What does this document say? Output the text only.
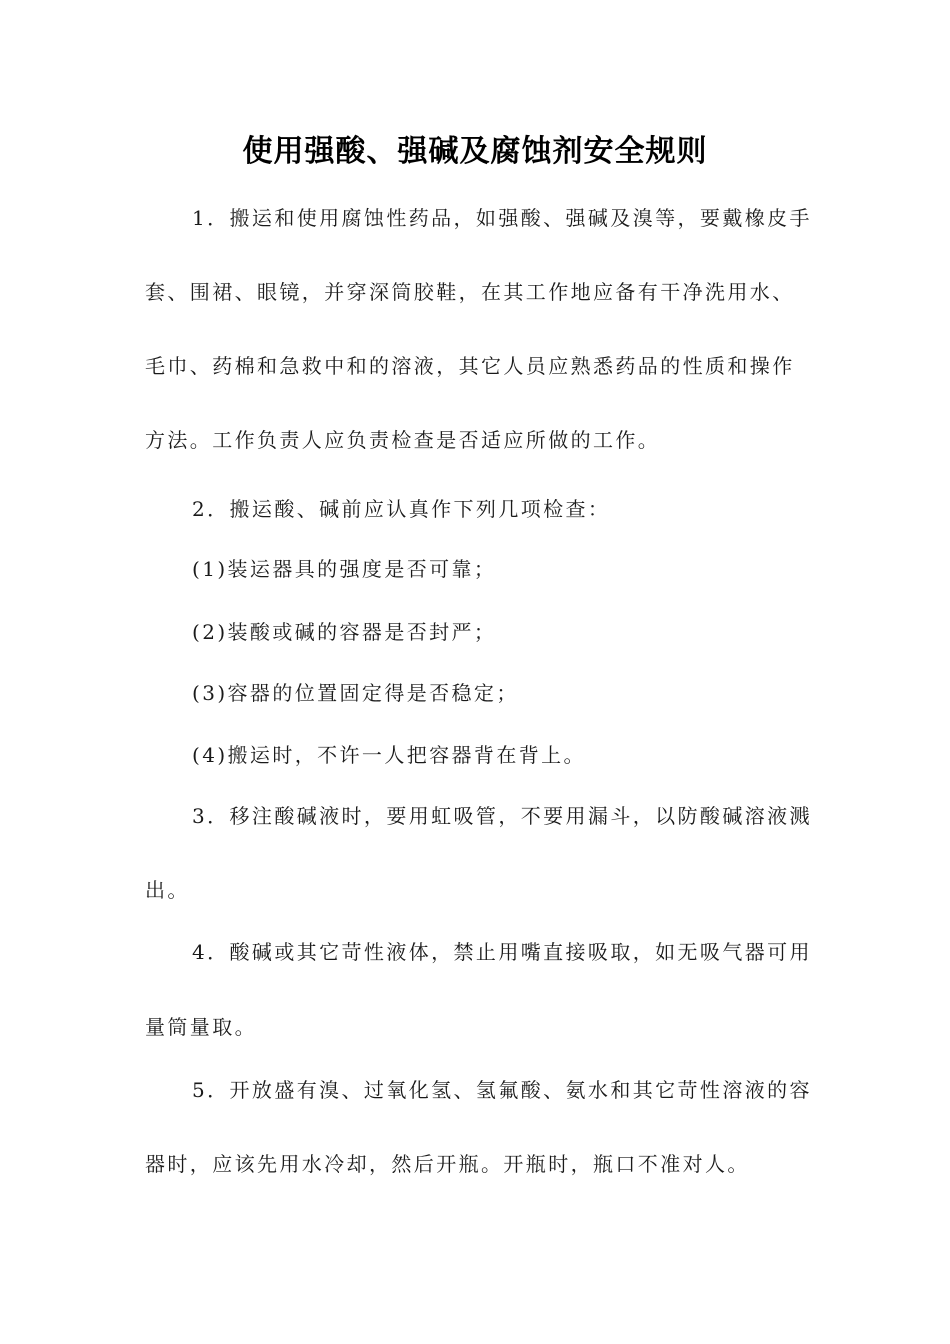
使用强酸、强碱及腐蚀剂安全规则
1．搬运和使用腐蚀性药品，如强酸、强碱及溴等，要戴橡皮手
套、围裙、眼镜，并穿深筒胶鞋，在其工作地应备有干净洗用水、
毛巾、药棉和急救中和的溶液，其它人员应熟悉药品的性质和操作
方法。工作负责人应负责检查是否适应所做的工作。
2．搬运酸、碱前应认真作下列几项检查：
(1)装运器具的强度是否可靠；
(2)装酸或碱的容器是否封严；
(3)容器的位置固定得是否稳定；
(4)搬运时，不许一人把容器背在背上。
3．移注酸碱液时，要用虹吸管，不要用漏斗，以防酸碱溶液溅
出。
4．酸碱或其它苛性液体，禁止用嘴直接吸取，如无吸气器可用
量筒量取。
5．开放盛有溴、过氧化氢、氢氟酸、氨水和其它苛性溶液的容
器时，应该先用水冷却，然后开瓶。开瓶时，瓶口不准对人。
